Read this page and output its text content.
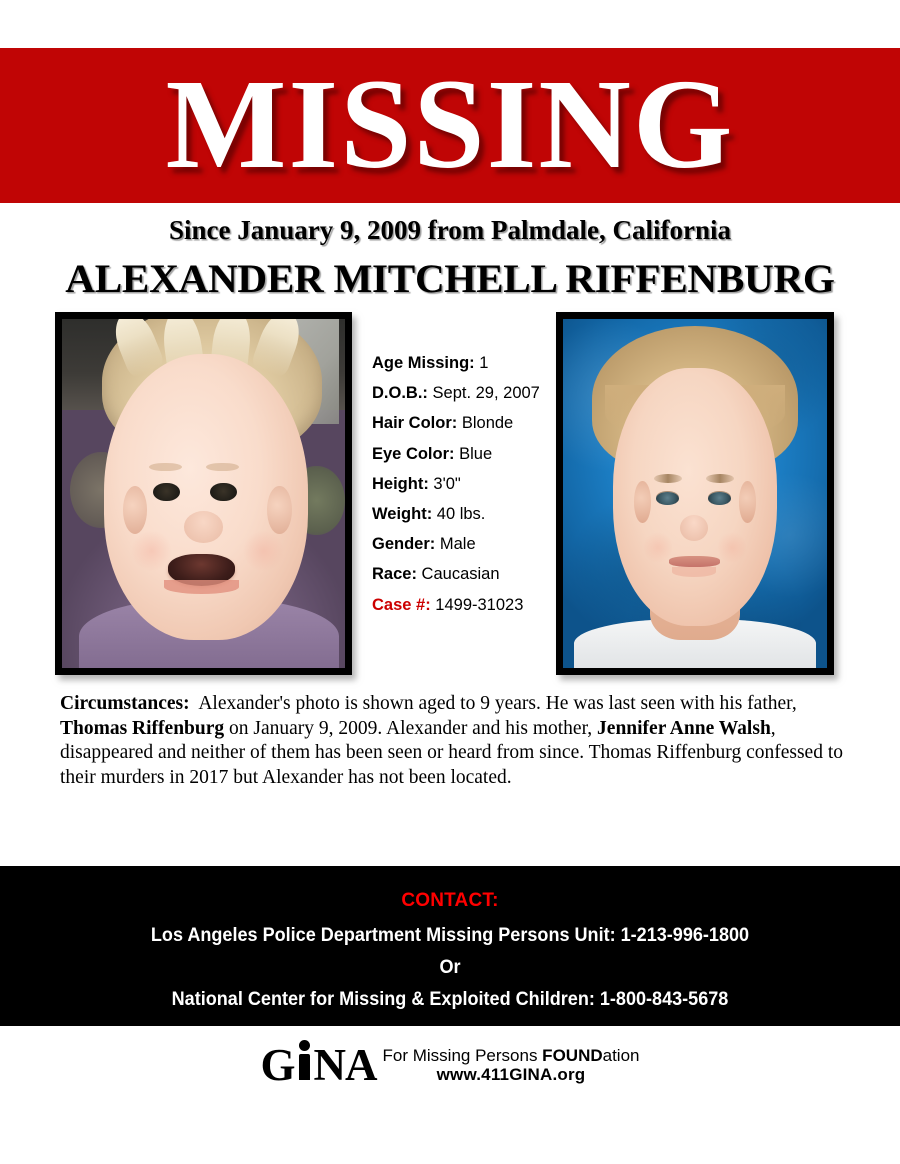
MISSING
Since January 9, 2009 from Palmdale, California
ALEXANDER MITCHELL RIFFENBURG
Age Missing: 1
D.O.B.: Sept. 29, 2007
Hair Color: Blonde
Eye Color: Blue
Height: 3'0"
Weight: 40 lbs.
Gender: Male
Race: Caucasian
Case #: 1499-31023
Circumstances: Alexander's photo is shown aged to 9 years. He was last seen with his father, Thomas Riffenburg on January 9, 2009. Alexander and his mother, Jennifer Anne Walsh, disappeared and neither of them has been seen or heard from since. Thomas Riffenburg confessed to their murders in 2017 but Alexander has not been located.
CONTACT:
Los Angeles Police Department Missing Persons Unit: 1-213-996-1800
Or
National Center for Missing & Exploited Children: 1-800-843-5678
G NA For Missing Persons FOUNDation
www.411GINA.org
